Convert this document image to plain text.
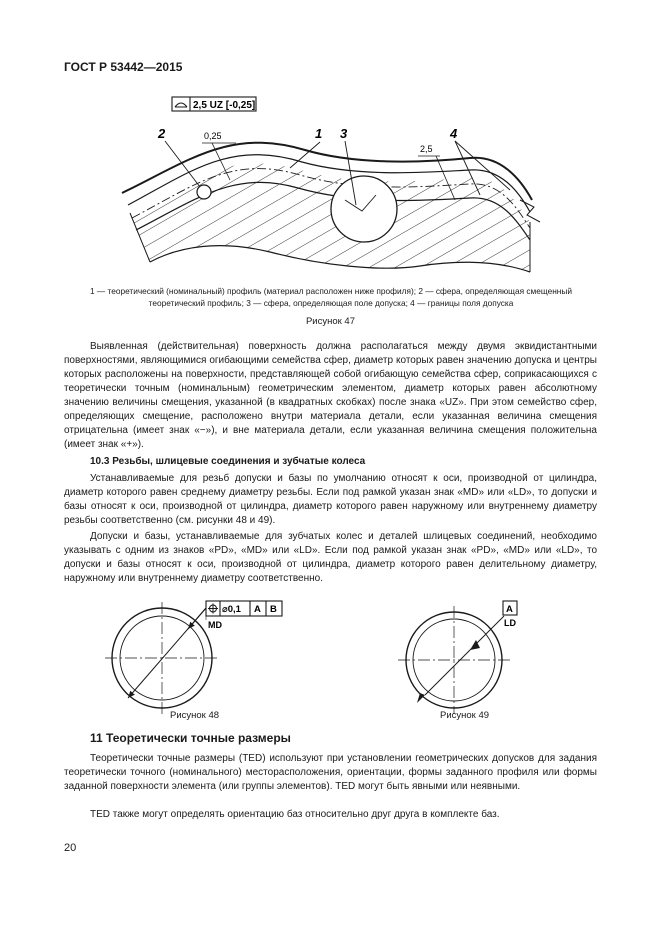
ГОСТ Р 53442—2015
2,5 UZ [-0,25]
2	1 3	4
0,25
2,5
1 — теоретический (номинальный) профиль (материал расположен ниже профиля); 2 — сфера, определяющая смещенный
теоретический профиль; 3 — сфера, определяющая поле допуска; 4 — границы поля допуска
Рисунок 47

Выявленная (действительная) поверхность должна располагаться между двумя эквидистантными поверхностями, являющимися огибающими семейства сфер, диаметр которых равен значению допуска и центры которых расположены на поверхности, представляющей собой огибающую семейства сфер, соприкасающихся с теоретически точным (номинальным) геометрическим элементом, диаметр которых равен абсолютному значению величины смещения, указанной (в квадратных скобках) после знака «UZ». При этом семейство сфер, определяющих смещение, расположено внутри материала детали, если указанная величина смещения отрицательна (имеет знак «−»), и вне материала детали, если указанная величина смещения положительна (имеет знак «+»).

10.3 Резьбы, шлицевые соединения и зубчатые колеса

Устанавливаемые для резьб допуски и базы по умолчанию относят к оси, производной от цилиндра, диаметр которого равен среднему диаметру резьбы. Если под рамкой указан знак «MD» или «LD», то допуски и базы относят к оси, производной от цилиндра, диаметр которого равен наружному или внутреннему диаметру резьбы соответственно (см. рисунки 48 и 49).

Допуски и базы, устанавливаемые для зубчатых колес и деталей шлицевых соединений, необходимо указывать с одним из знаков «PD», «MD» или «LD». Если под рамкой указан знак «PD», «MD» или «LD», то допуски и базы относят к оси, производной от цилиндра, диаметр которого равен делительному диаметру, наружному или внутреннему диаметру соответственно.

⌀0,1 A B
MD
A
LD
Рисунок 48	Рисунок 49
11 Теоретически точные размеры

Теоретически точные размеры (TED) используют при установлении геометрических допусков для задания теоретически точного (номинального) месторасположения, ориентации, формы заданного профиля или формы заданной поверхности элемента (или группы элементов). TED могут быть явными или неявными.

TED также могут определять ориентацию баз относительно друг друга в комплекте баз.

20
